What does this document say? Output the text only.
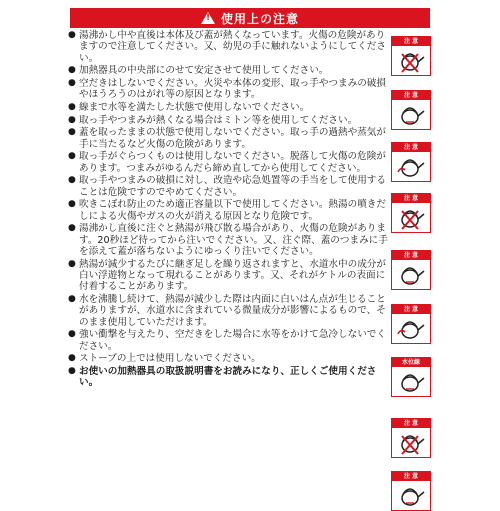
!
使用上の注意
● 湯沸かし中や直後は本体及び蓋が熱くなっています。火傷の危険がありますので注意してください。又、幼児の手に触れないようにしてください。
● 加熱器具の中央部にのせて安定させて使用してください。
● 空だきはしないでください。火災や本体の変形、取っ手やつまみの破損やほうろうのはがれ等の原因となります。
● 線まで水等を満たした状態で使用しないでください。
● 取っ手やつまみが熱くなる場合はミトン等を使用してください。
● 蓋を取ったままの状態で使用しないでください。取っ手の過熱や蒸気が手に当たるなど火傷の危険があります。
● 取っ手がぐらつくものは使用しないでください。脱落して火傷の危険があります。つまみがゆるんだら締め直してから使用してください。
● 取っ手やつまみの破損に対し、改造や応急処置等の手当をして使用することは危険ですのでやめてください。
● 吹きこぼれ防止のため適正容量以下で使用してください。熱湯の噴きだしによる火傷やガスの火が消える原因となり危険です。
● 湯沸かし直後に注ぐと熱湯が飛び散る場合があり、火傷の危険があります。20秒ほど待ってから注いでください。又、注ぐ際、蓋のつまみに手を添えて蓋が落ちないようにゆっくり注いでください。
● 熱湯が減少するたびに継ぎ足しを繰り返されますと、水道水中の成分が白い浮遊物となって現れることがあります。又、それがケトルの表面に付着することがあります。
● 水を沸騰し続けて、熱湯が減少した際は内面に白いはん点が生じることがありますが、水道水に含まれている微量成分が影響によるもので、そのまま使用していただけます。
● 強い衝撃を与えたり、空だきをした場合に水等をかけて急冷しないでください。
● ストーブの上では使用しないでください。
● お使いの加熱器具の取扱説明書をお読みになり、正しくご使用ください。
注 意
注 意
注 意
注 意
注 意
注 意
水位線
注 意
注 意
